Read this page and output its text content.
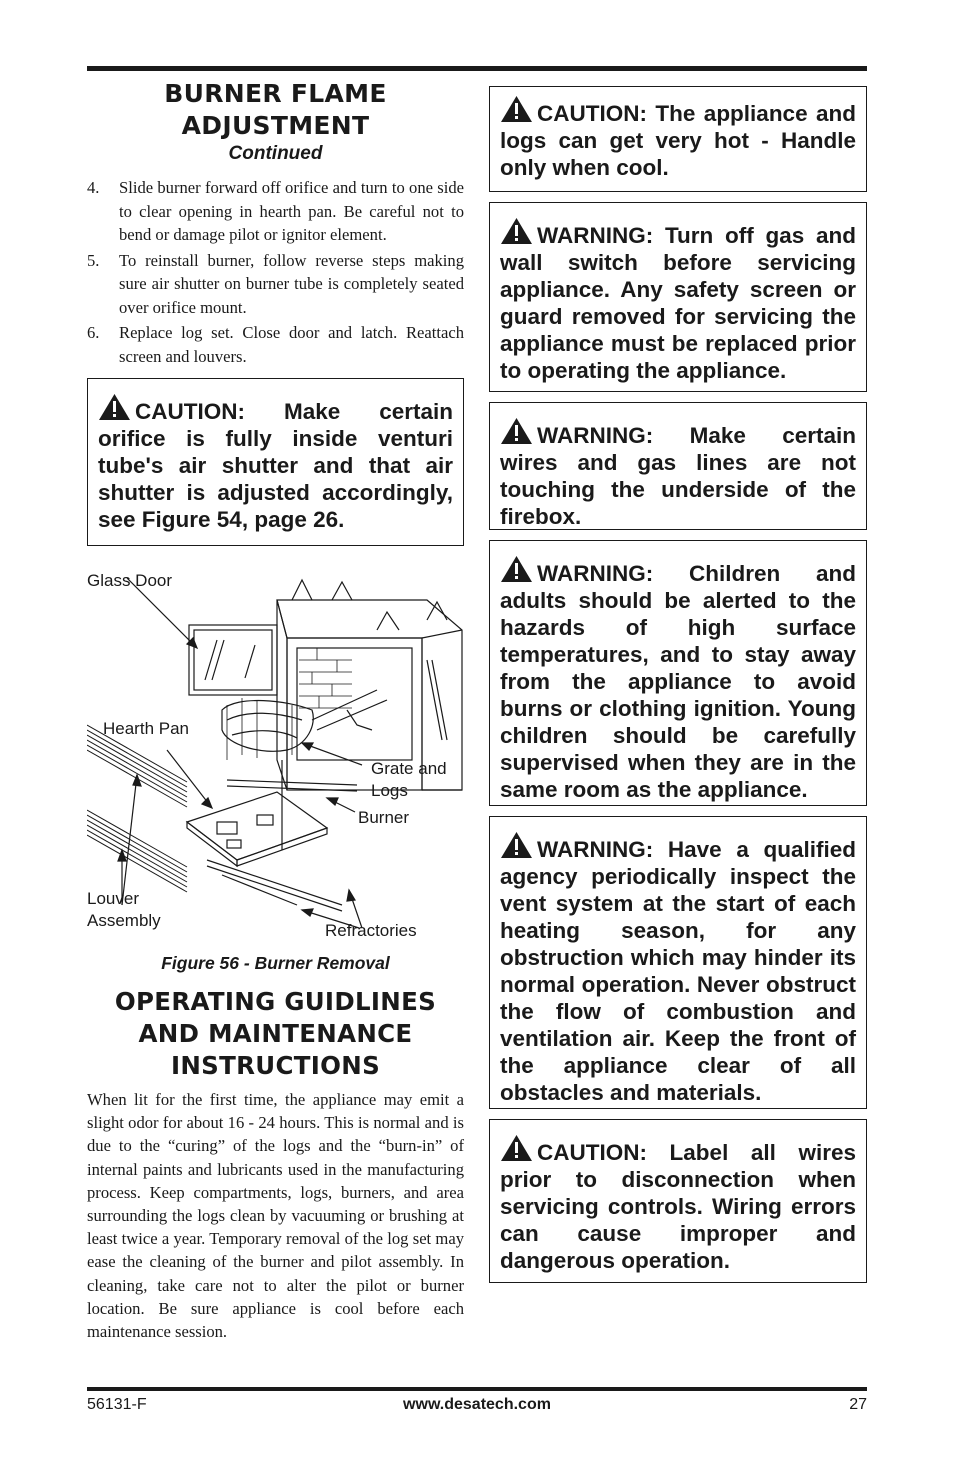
BURNER FLAME ADJUSTMENT
Continued
4.	Slide burner forward off orifice and turn to one side to clear opening in hearth pan. Be careful not to bend or damage pilot or ignitor element.
5.	To reinstall burner, follow reverse steps making sure air shutter on burner tube is completely seated over orifice mount.
6.	Replace log set. Close door and latch. Reattach screen and louvers.
CAUTION: Make certain orifice is fully inside venturi tube's air shutter and that air shutter is adjusted accordingly, see Figure 54, page 26.
Glass Door
Hearth Pan
Grate and
Logs
Burner
Louver
Assembly
Refractories
Figure 56 - Burner Removal
OPERATING GUIDLINES
AND MAINTENANCE
INSTRUCTIONS
When lit for the first time, the appliance may emit a slight odor for about 16 - 24 hours. This is normal and is due to the “curing” of the logs and the “burn-in” of internal paints and lubricants used in the manufacturing process. Keep compartments, logs, burners, and area surrounding the logs clean by vacuuming or brushing at least twice a year. Temporary removal of the log set may ease the cleaning of the burner and pilot assembly. In cleaning, take care not to alter the pilot or burner location. Be sure appliance is cool before each maintenance session.
CAUTION: The appliance and logs can get very hot - Handle only when cool.
WARNING: Turn off gas and wall switch before servicing appliance. Any safety screen or guard removed for servicing the appliance must be replaced prior to operating the appliance.
WARNING: Make certain wires and gas lines are not touching the underside of the firebox.
WARNING: Children and adults should be alerted to the hazards of high surface temperatures, and to stay away from the appliance to avoid burns or clothing ignition. Young children should be carefully supervised when they are in the same room as the appliance.
WARNING: Have a qualified agency periodically inspect the vent system at the start of each heating season, for any obstruction which may hinder its normal operation. Never obstruct the flow of combustion and ventilation air. Keep the front of the appliance clear of all obstacles and materials.
CAUTION: Label all wires prior to disconnection when servicing controls. Wiring errors can cause improper and dangerous operation.
56131-F	www.desatech.com	27
